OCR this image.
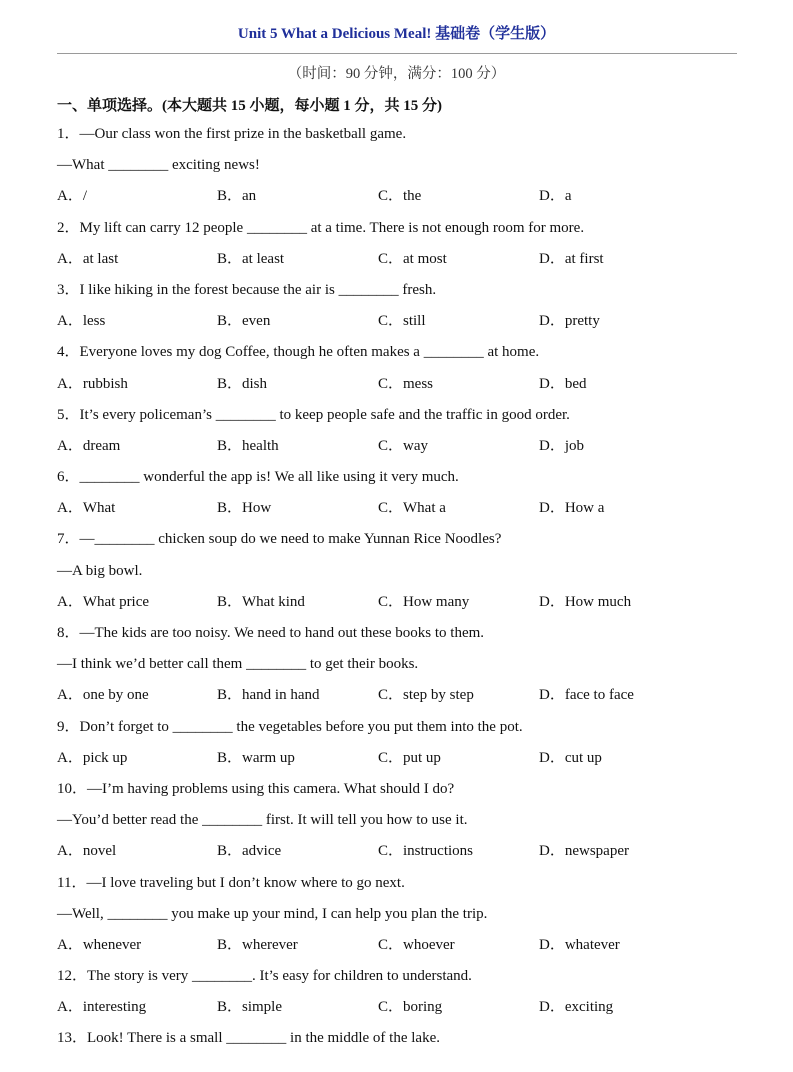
Unit 5 What a Delicious Meal! 基础卷（学生版）
（时间：90 分钟，满分：100 分）
一、单项选择。(本大题共 15 小题，每小题 1 分，共 15 分)
1．—Our class won the first prize in the basketball game.
—What ________ exciting news!
A．/	B．an	C．the	D．a
2．My lift can carry 12 people ________ at a time. There is not enough room for more.
A．at last	B．at least	C．at most	D．at first
3．I like hiking in the forest because the air is ________ fresh.
A．less	B．even	C．still	D．pretty
4．Everyone loves my dog Coffee, though he often makes a ________ at home.
A．rubbish	B．dish	C．mess	D．bed
5．It’s every policeman’s ________ to keep people safe and the traffic in good order.
A．dream	B．health	C．way	D．job
6．________ wonderful the app is! We all like using it very much.
A．What	B．How	C．What a	D．How a
7．—________ chicken soup do we need to make Yunnan Rice Noodles?
—A big bowl.
A．What price	B．What kind	C．How many	D．How much
8．—The kids are too noisy. We need to hand out these books to them.
—I think we’d better call them ________ to get their books.
A．one by one	B．hand in hand	C．step by step	D．face to face
9．Don’t forget to ________ the vegetables before you put them into the pot.
A．pick up	B．warm up	C．put up	D．cut up
10．—I’m having problems using this camera. What should I do?
—You’d better read the ________ first. It will tell you how to use it.
A．novel	B．advice	C．instructions	D．newspaper
11．—I love traveling but I don’t know where to go next.
—Well, ________ you make up your mind, I can help you plan the trip.
A．whenever	B．wherever	C．whoever	D．whatever
12．The story is very ________. It’s easy for children to understand.
A．interesting	B．simple	C．boring	D．exciting
13．Look! There is a small ________ in the middle of the lake.
